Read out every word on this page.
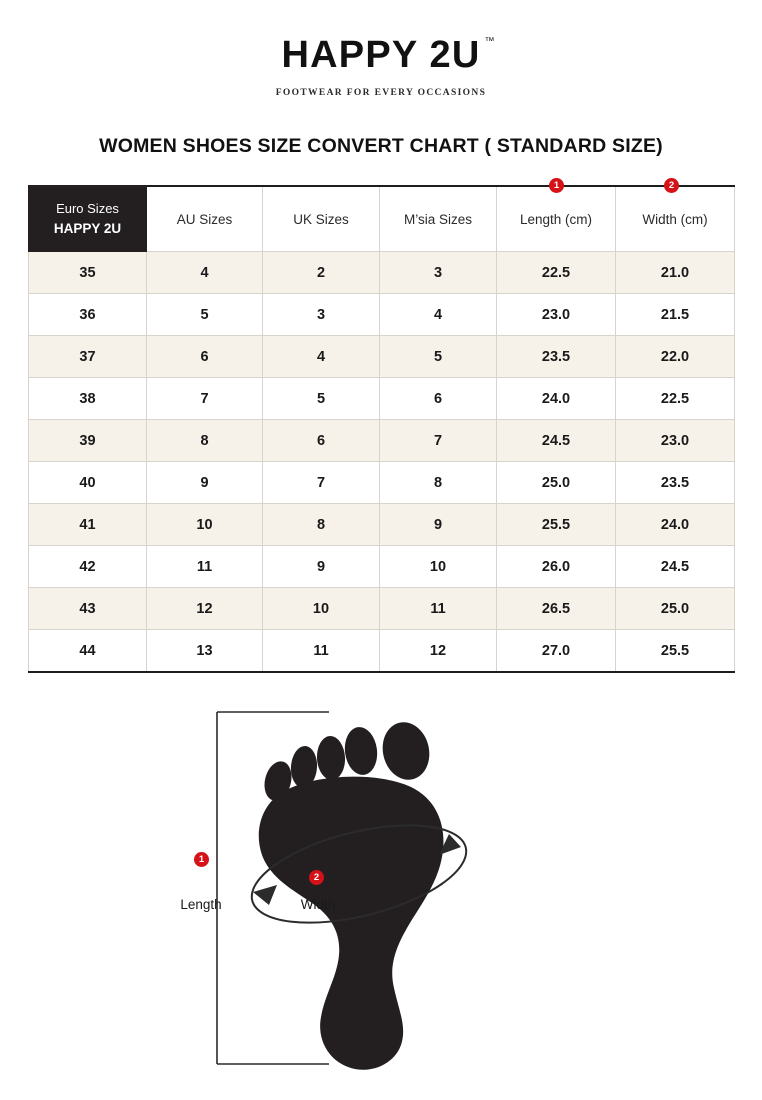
HAPPY 2U ™
FOOTWEAR FOR EVERY OCCASIONS
WOMEN SHOES SIZE CONVERT CHART ( STANDARD SIZE)
1	2
Euro Sizes
HAPPY 2U	AU Sizes	UK Sizes	M’sia Sizes	Length (cm)	Width (cm)
35	4	2	3	22.5	21.0
36	5	3	4	23.0	21.5
37	6	4	5	23.5	22.0
38	7	5	6	24.0	22.5
39	8	6	7	24.5	23.0
40	9	7	8	25.0	23.5
41	10	8	9	25.5	24.0
42	11	9	10	26.0	24.5
43	12	10	11	26.5	25.0
44	13	11	12	27.0	25.5
1
Length
2
Width
